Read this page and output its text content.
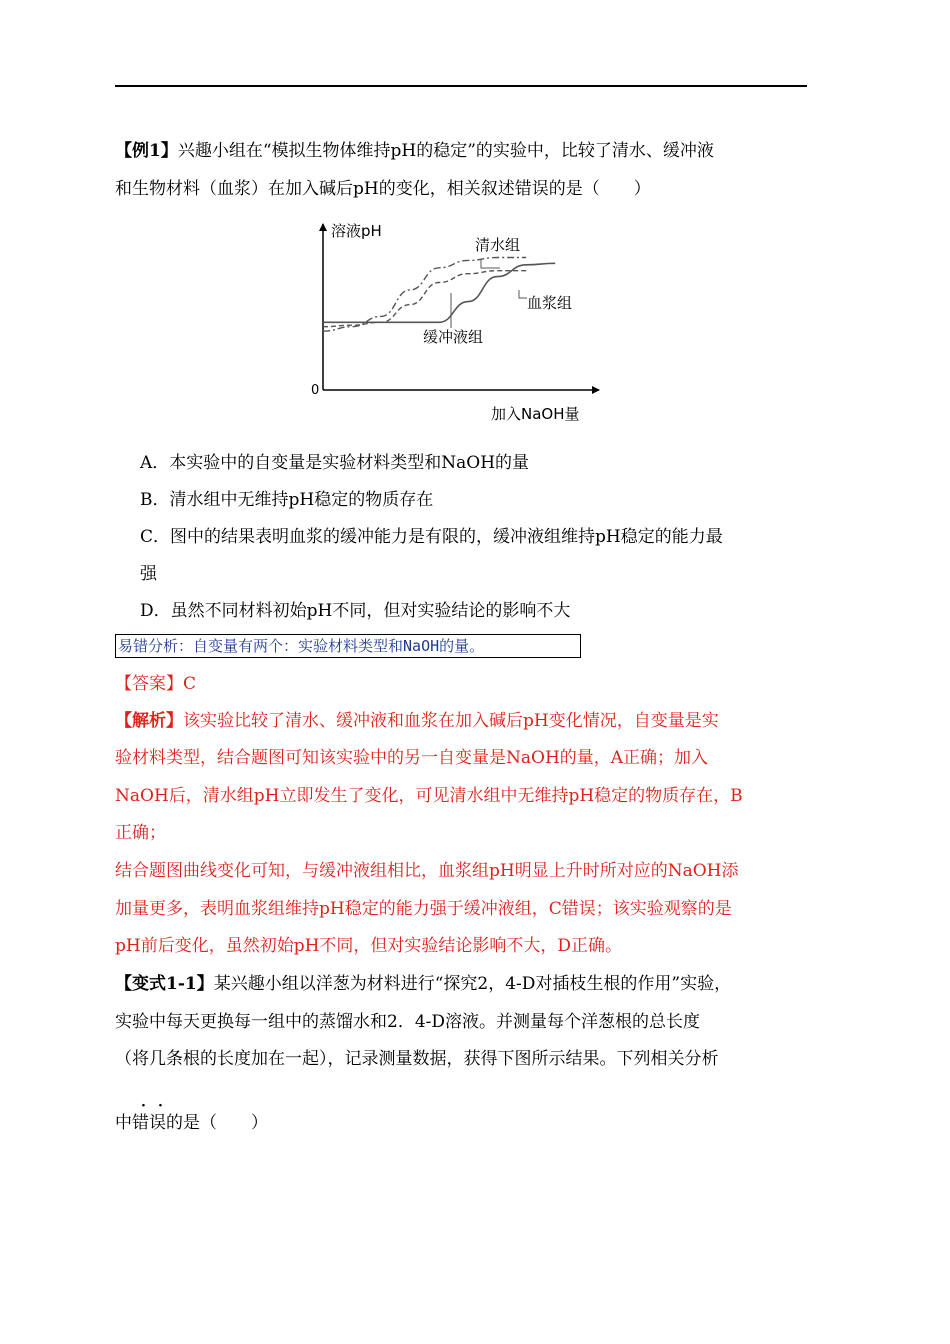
【例1】兴趣小组在“模拟生物体维持pH的稳定”的实验中，比较了清水、缓冲液
和生物材料（血浆）在加入碱后pH的变化，相关叙述错误的是（　　）
溶液pH
加入NaOH量
0
清水组
血浆组
缓冲液组
A．本实验中的自变量是实验材料类型和NaOH的量
B．清水组中无维持pH稳定的物质存在
C．图中的结果表明血浆的缓冲能力是有限的，缓冲液组维持pH稳定的能力最
强
D．虽然不同材料初始pH不同，但对实验结论的影响不大
易错分析：自变量有两个：实验材料类型和NaOH的量。
【答案】C
【解析】该实验比较了清水、缓冲液和血浆在加入碱后pH变化情况，自变量是实
验材料类型，结合题图可知该实验中的另一自变量是NaOH的量，A正确；加入
NaOH后，清水组pH立即发生了变化，可见清水组中无维持pH稳定的物质存在，B
正确；
结合题图曲线变化可知，与缓冲液组相比，血浆组pH明显上升时所对应的NaOH添
加量更多，表明血浆组维持pH稳定的能力强于缓冲液组，C错误；该实验观察的是
pH前后变化，虽然初始pH不同，但对实验结论影响不大，D正确。
【变式1-1】某兴趣小组以洋葱为材料进行“探究2，4-D对插枝生根的作用”实验，
实验中每天更换每一组中的蒸馏水和2．4-D溶液。并测量每个洋葱根的总长度
（将几条根的长度加在一起），记录测量数据，获得下图所示结果。下列相关分析
· ·
中错误的是（　　）
